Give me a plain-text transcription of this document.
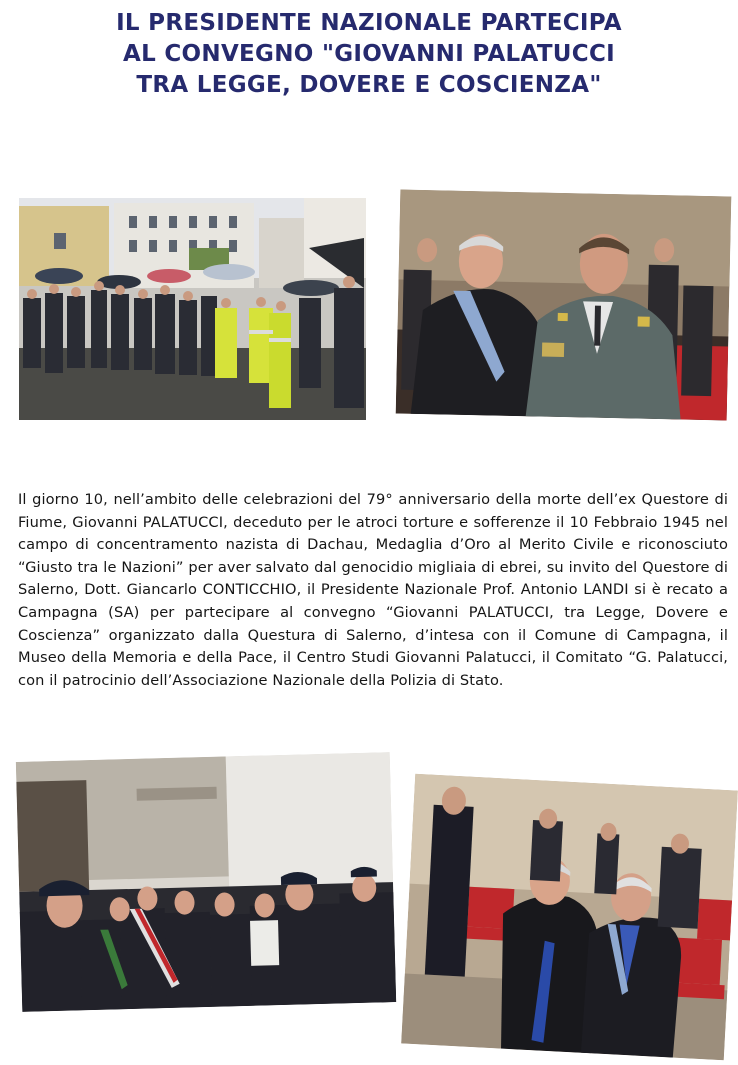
IL PRESIDENTE NAZIONALE PARTECIPA
AL CONVEGNO "GIOVANNI PALATUCCI
TRA LEGGE, DOVERE E COSCIENZA"
Il giorno 10, nell’ambito delle celebrazioni del 79° anniversario della morte dell’ex Questore di Fiume, Giovanni PALATUCCI, deceduto per le atroci torture e sofferenze il 10 Febbraio 1945 nel campo di concentramento nazista di Dachau, Medaglia d’Oro al Merito Civile e riconosciuto “Giusto tra le Nazioni” per aver salvato dal genocidio migliaia di ebrei, su invito del Questore di Salerno, Dott. Giancarlo CONTICCHIO, il Presidente Nazionale Prof. Antonio LANDI si è recato a Campagna (SA) per partecipare al convegno “Giovanni PALATUCCI, tra Legge, Dovere e Coscienza” organizzato dalla Questura di Salerno, d’intesa con il Comune di Campagna, il Museo della Memoria e della Pace, il Centro Studi Giovanni Palatucci, il Comitato “G. Palatucci, con il patrocinio dell’Associazione Nazionale della Polizia di Stato.
